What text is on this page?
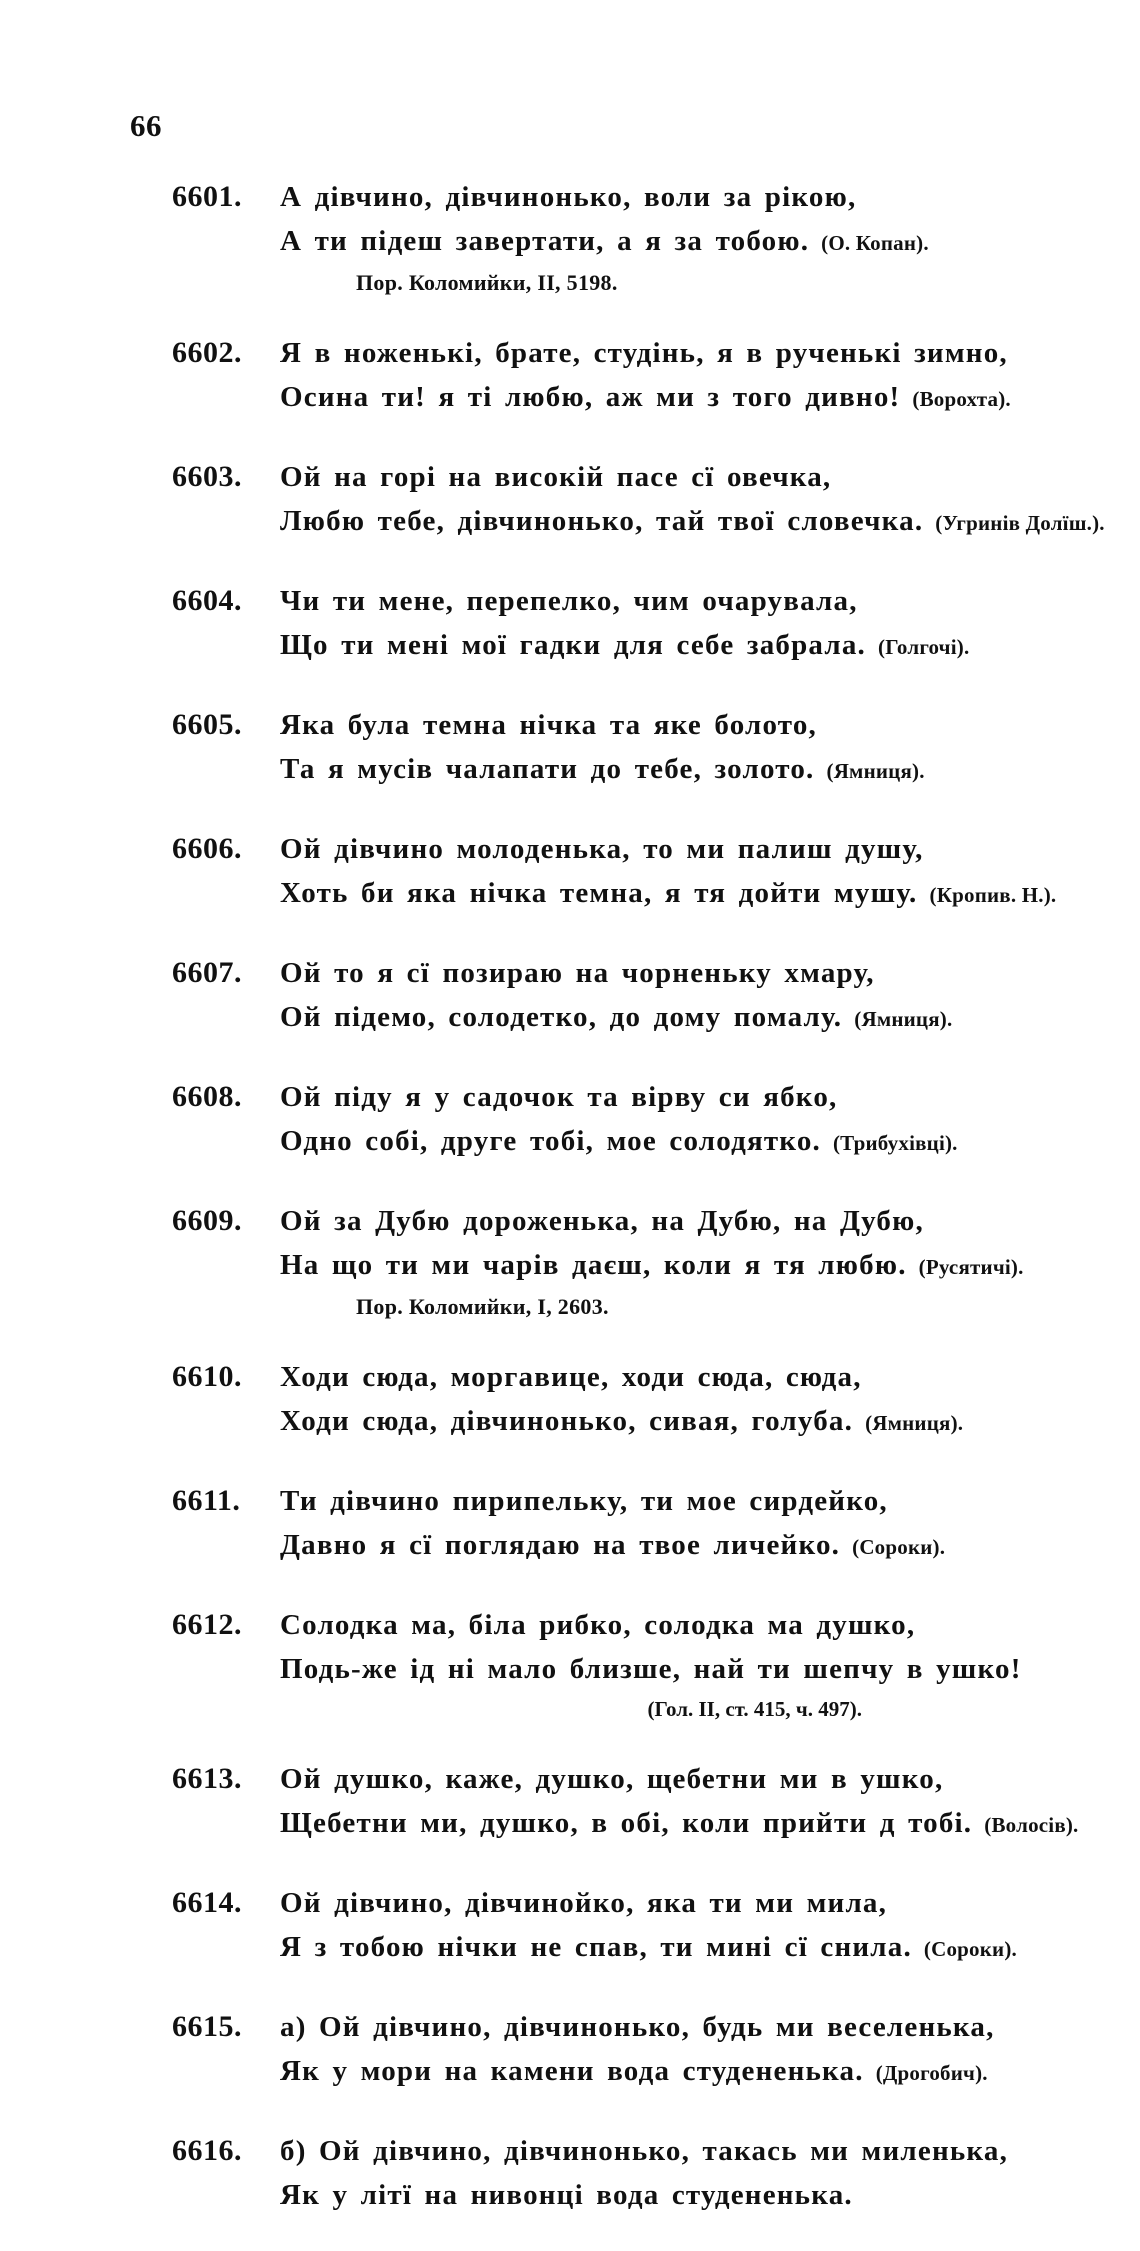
66
6601.	А дівчино, дівчинонько, воли за рікою,
А ти підеш завертати, а я за тобою. (О. Копан).
Пор. Коломийки, II, 5198.
6602.	Я в ноженькі, брате, студінь, я в рученькі зимно,
Осина ти! я ті любю, аж ми з того дивно! (Ворохта).
6603.	Ой на горі на високій пасе сї овечка,
Любю тебе, дівчинонько, тай твої словечка. (Угринів Долїш.).
6604.	Чи ти мене, перепелко, чим очарувала,
Що ти мені мої гадки для себе забрала. (Голгочі).
6605.	Яка була темна нічка та яке болото,
Та я мусів чалапати до тебе, золото. (Ямниця).
6606.	Ой дівчино молоденька, то ми палиш душу,
Хоть би яка нічка темна, я тя дойти мушу. (Кропив. Н.).
6607.	Ой то я сї позираю на чорненьку хмару,
Ой підемо, солодетко, до дому помалу. (Ямниця).
6608.	Ой піду я у садочок та вірву си ябко,
Одно собі, друге тобі, мое солодятко. (Трибухівці).
6609.	Ой за Дубю дороженька, на Дубю, на Дубю,
На що ти ми чарів даєш, коли я тя любю. (Русятичі).
Пор. Коломийки, I, 2603.
6610.	Ходи сюда, моргавице, ходи сюда, сюда,
Ходи сюда, дівчинонько, сивая, голуба. (Ямниця).
6611.	Ти дівчино пирипельку, ти мое сирдейко,
Давно я сї поглядаю на твое личейко. (Сороки).
6612.	Солодка ма, біла рибко, солодка ма душко,
Подь-же ід ні мало близше, най ти шепчу в ушко!
(Гол. II, ст. 415, ч. 497).
6613.	Ой душко, каже, душко, щебетни ми в ушко,
Щебетни ми, душко, в обі, коли прийти д тобі. (Волосів).
6614.	Ой дівчино, дівчинойко, яка ти ми мила,
Я з тобою нічки не спав, ти мині сї снила. (Сороки).
6615.	а) Ой дівчино, дівчинонько, будь ми веселенька,
Як у мори на камени вода студененька. (Дрогобич).
6616.	б) Ой дівчино, дівчинонько, такась ми миленька,
Як у літї на нивонці вода студененька.
